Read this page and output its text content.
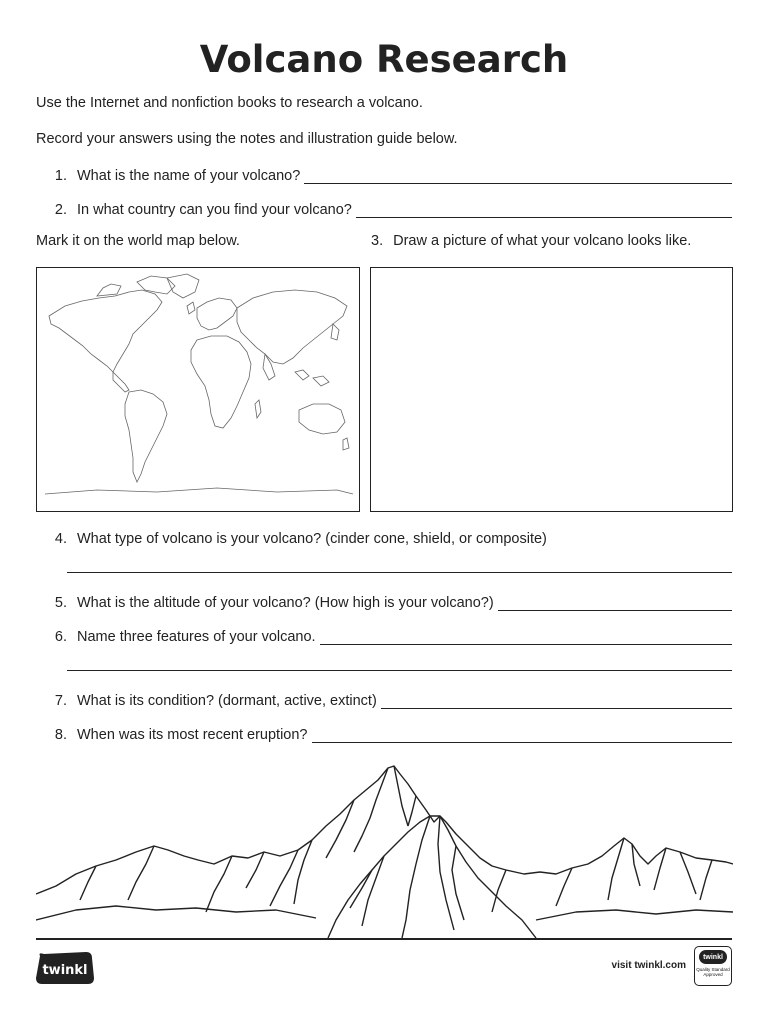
Volcano Research
Use the Internet and nonfiction books to research a volcano.
Record your answers using the notes and illustration guide below.
1. What is the name of your volcano?
2. In what country can you find your volcano?
Mark it on the world map below.	3. Draw a picture of what your volcano looks like.
4. What type of volcano is your volcano? (cinder cone, shield, or composite)
5. What is the altitude of your volcano? (How high is your volcano?)
6. Name three features of your volcano.
7. What is its condition? (dormant, active, extinct)
8. When was its most recent eruption?
twinkl	visit twinkl.com
twinkl
Quality Standard Approved
